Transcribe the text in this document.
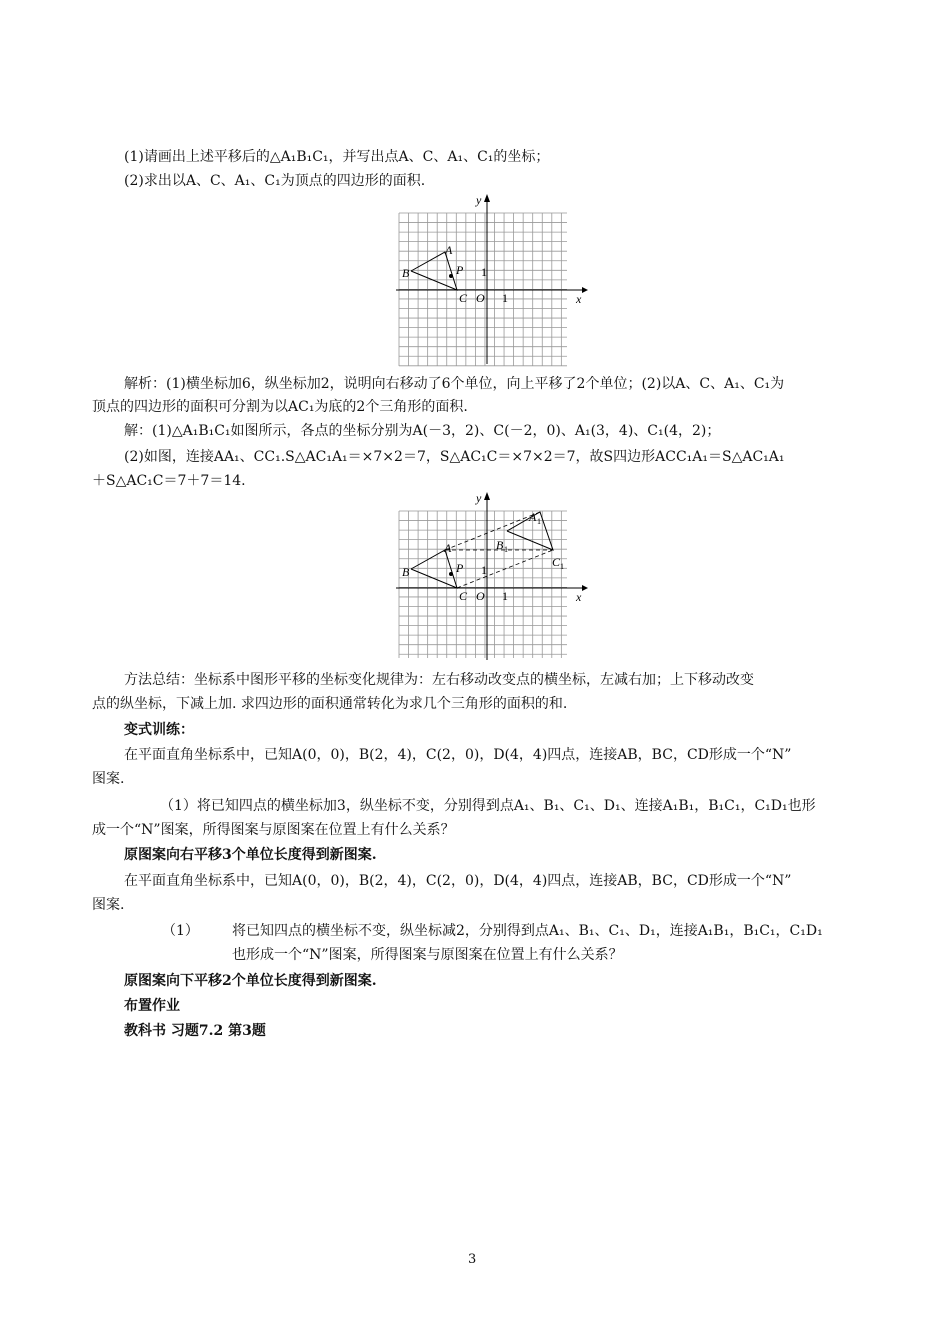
(1)请画出上述平移后的△A₁B₁C₁，并写出点A、C、A₁、C₁的坐标；
(2)求出以A、C、A₁、C₁为顶点的四边形的面积.
y
x
A
B	P
C O 1
1
解析：(1)横坐标加6，纵坐标加2，说明向右移动了6个单位，向上平移了2个单位；(2)以A、C、A₁、C₁为
顶点的四边形的面积可分割为以AC₁为底的2个三角形的面积.
解：(1)△A₁B₁C₁如图所示，各点的坐标分别为A(－3，2)、C(－2，0)、A₁(3，4)、C₁(4，2)；
(2)如图，连接AA₁、CC₁.S△AC₁A₁＝×7×2＝7，S△AC₁C＝×7×2＝7，故S四边形ACC₁A₁＝S△AC₁A₁
＋S△AC₁C＝7＋7＝14.
y
x
A
B	P
C O 1
1
A 1
B 1
C 1
方法总结：坐标系中图形平移的坐标变化规律为：左右移动改变点的横坐标，左减右加；上下移动改变
点的纵坐标，下减上加. 求四边形的面积通常转化为求几个三角形的面积的和.
变式训练：
在平面直角坐标系中，已知A(0，0)，B(2，4)，C(2，0)，D(4，4)四点，连接AB，BC，CD形成一个“N”
图案.
（1）将已知四点的横坐标加3，纵坐标不变，分别得到点A₁、B₁、C₁、D₁、连接A₁B₁，B₁C₁，C₁D₁也形
成一个“N”图案，所得图案与原图案在位置上有什么关系？
原图案向右平移3个单位长度得到新图案.
在平面直角坐标系中，已知A(0，0)，B(2，4)，C(2，0)，D(4，4)四点，连接AB，BC，CD形成一个“N”
图案.
（1） 将已知四点的横坐标不变，纵坐标减2，分别得到点A₁、B₁、C₁、D₁，连接A₁B₁，B₁C₁，C₁D₁
也形成一个“N”图案，所得图案与原图案在位置上有什么关系？
原图案向下平移2个单位长度得到新图案.
布置作业
教科书 习题7.2 第3题
3
